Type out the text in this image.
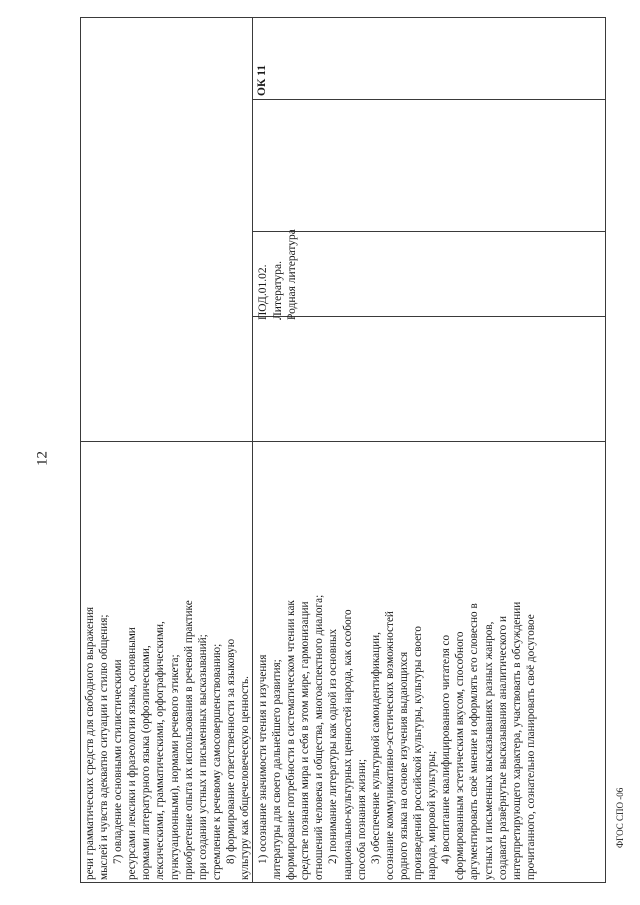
12
ФГОС СПО -06

речи грамматических средств для свободного выражения мыслей и чувств адекватно ситуации и стилю общения; 7) овладение основными стилистическими ресурсами лексики и фразеологии языка, основными нормами литературного языка (орфоэпическими, лексическими, грамматическими, орфографическими, пунктуационными), нормами речевого этикета; приобретение опыта их использования в речевой практике при создании устных и письменных высказываний; стремление к речевому самосовершенствованию; 8) формирование ответственности за языковую культуру как общечеловеческую ценность. 1) осознание значимости чтения и изучения литературы для своего дальнейшего развития; формирование потребности в систематическом чтении как средстве познания мира и себя в этом мире, гармонизации отношений человека и общества, многоаспектного диалога; 2) понимание литературы как одной из основных национально-культурных ценностей народа, как особого способа познания жизни; 3) обеспечение культурной самоидентификации, осознание коммуникативно-эстетических возможностей родного языка на основе изучения выдающихся произведений российской культуры, культуры своего народа, мировой культуры; 4) воспитание квалифицированного читателя со сформированным эстетическим вкусом, способного аргументировать своё мнение и оформлять его словесно в устных и письменных высказываниях разных жанров, создавать развёрнутые высказывания аналитического и интерпретирующего характера, участвовать в обсуждении прочитанного, сознательно планировать своё досуговое

ПОД.01.02. Литература. Родная литература
ОК 11
